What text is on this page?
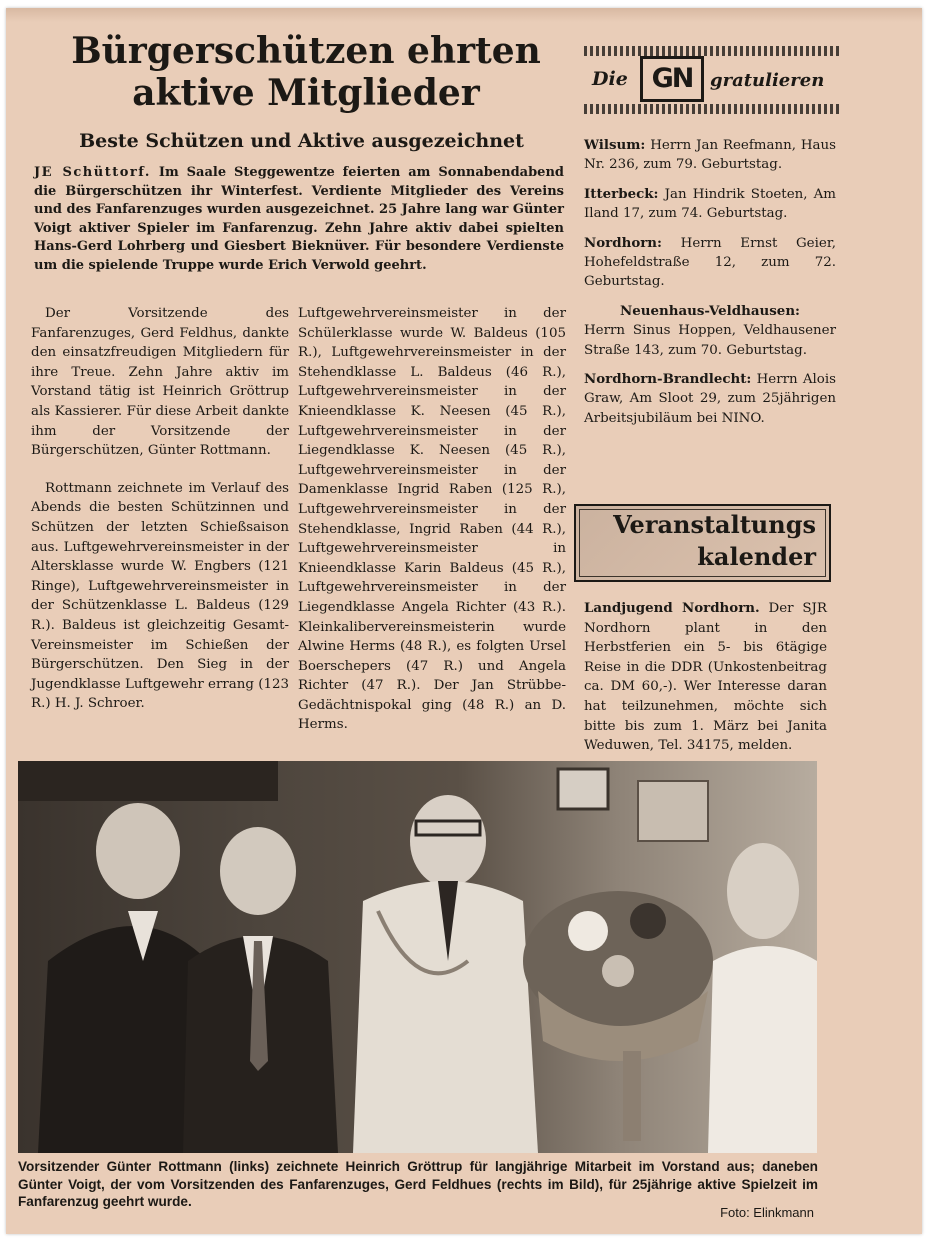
Bürgerschützen ehrten
aktive Mitglieder
Beste Schützen und Aktive ausgezeichnet

JE Schüttorf. Im Saale Steggewentze feierten am Sonnabendabend die Bürgerschützen ihr Winterfest. Verdiente Mitglieder des Vereins und des Fanfarenzuges wurden ausgezeichnet. 25 Jahre lang war Günter Voigt aktiver Spieler im Fanfarenzug. Zehn Jahre aktiv dabei spielten Hans-Gerd Lohrberg und Giesbert Bieknüver. Für besondere Verdienste um die spielende Truppe wurde Erich Verwold geehrt.

Der Vorsitzende des Fanfarenzuges, Gerd Feldhus, dankte den einsatzfreudigen Mitgliedern für ihre Treue. Zehn Jahre aktiv im Vorstand tätig ist Heinrich Gröttrup als Kassierer. Für diese Arbeit dankte ihm der Vorsitzende der Bürgerschützen, Günter Rottmann.

Rottmann zeichnete im Verlauf des Abends die besten Schützinnen und Schützen der letzten Schießsaison aus. Luftgewehrvereinsmeister in der Altersklasse wurde W. Engbers (121 Ringe), Luftgewehrvereinsmeister in der Schützenklasse L. Baldeus (129 R.). Baldeus ist gleichzeitig Gesamt-Vereinsmeister im Schießen der Bürgerschützen. Den Sieg in der Jugendklasse Luftgewehr errang (123 R.) H. J. Schroer.

Luftgewehrvereinsmeister in der Schülerklasse wurde W. Baldeus (105 R.), Luftgewehrvereinsmeister in der Stehendklasse L. Baldeus (46 R.), Luftgewehrvereinsmeister in der Knieendklasse K. Neesen (45 R.), Luftgewehrvereinsmeister in der Liegendklasse K. Neesen (45 R.), Luftgewehrvereinsmeister in der Damenklasse Ingrid Raben (125 R.), Luftgewehrvereinsmeister in der Stehendklasse, Ingrid Raben (44 R.), Luftgewehrvereinsmeister in Knieendklasse Karin Baldeus (45 R.), Luftgewehrvereinsmeister in der Liegendklasse Angela Richter (43 R.). Kleinkalibervereinsmeisterin wurde Alwine Herms (48 R.), es folgten Ursel Boerschepers (47 R.) und Angela Richter (47 R.). Der Jan Strübbe-Gedächtnispokal ging (48 R.) an D. Herms.

Die GN gratulieren

Wilsum: Herrn Jan Reefmann, Haus Nr. 236, zum 79. Geburtstag.

Itterbeck: Jan Hindrik Stoeten, Am Iland 17, zum 74. Geburtstag.

Nordhorn: Herrn Ernst Geier, Hohefeldstraße 12, zum 72. Geburtstag.

Neuenhaus-Veldhausen:
Herrn Sinus Hoppen, Veldhausener Straße 143, zum 70. Geburtstag.

Nordhorn-Brandlecht: Herrn Alois Graw, Am Sloot 29, zum 25jährigen Arbeitsjubiläum bei NINO.

Veranstaltungs
kalender

Landjugend Nordhorn. Der SJR Nordhorn plant in den Herbstferien ein 5- bis 6tägige Reise in die DDR (Unkostenbeitrag ca. DM 60,-). Wer Interesse daran hat teilzunehmen, möchte sich bitte bis zum 1. März bei Janita Weduwen, Tel. 34175, melden.

Vorsitzender Günter Rottmann (links) zeichnete Heinrich Gröttrup für langjährige Mitarbeit im Vorstand aus; daneben Günter Voigt, der vom Vorsitzenden des Fanfarenzuges, Gerd Feldhues (rechts im Bild), für 25jährige aktive Spielzeit im Fanfarenzug geehrt wurde.

Foto: Elinkmann
